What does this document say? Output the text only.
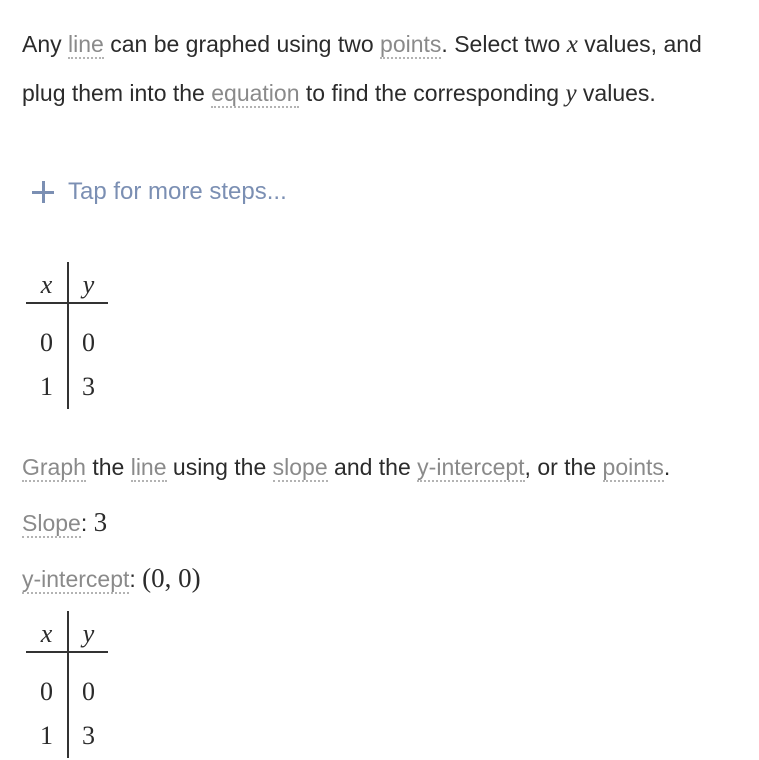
Any line can be graphed using two points. Select two x values, and plug them into the equation to find the corresponding y values.

Tap for more steps...

x	y
0	0
1	3

Graph the line using the slope and the y-intercept, or the points.

Slope: 3

y-intercept: (0, 0)

x	y
0	0
1	3
